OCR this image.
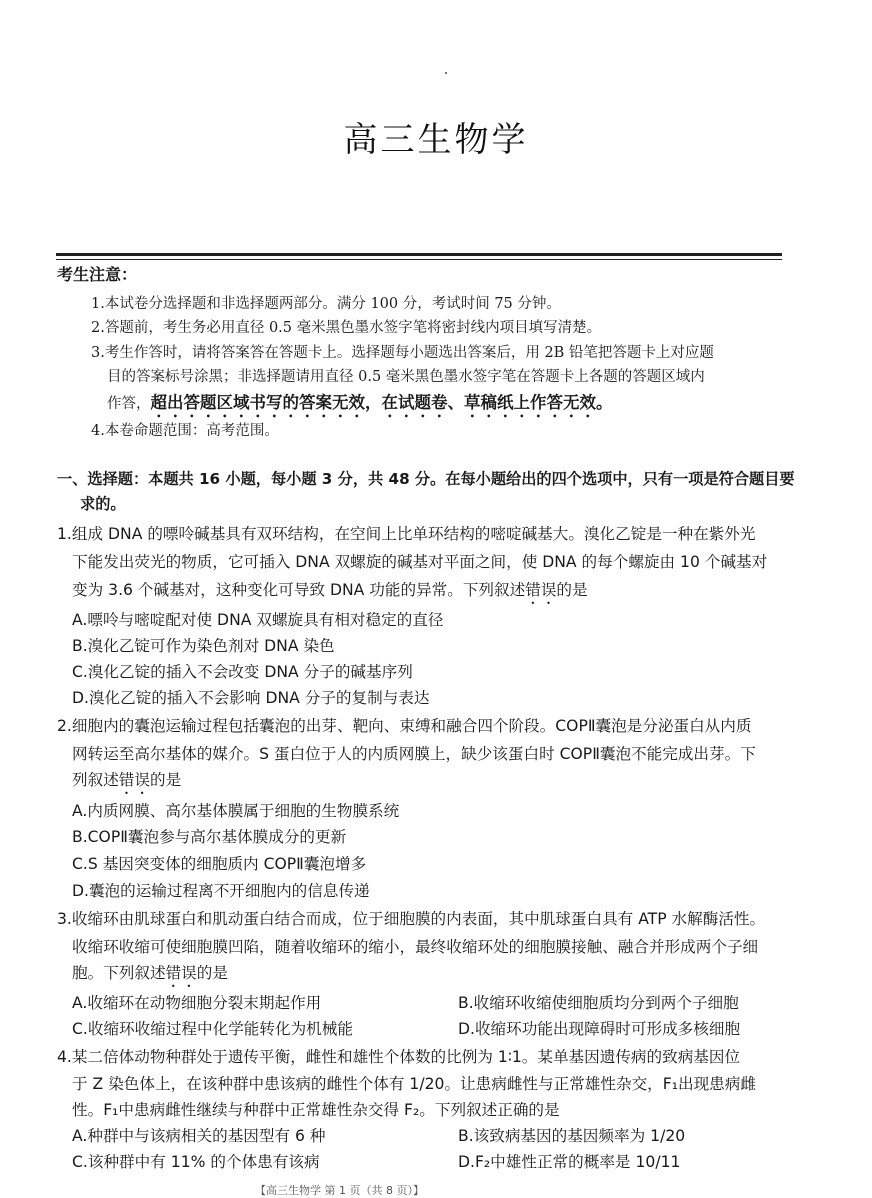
高三生物学
考生注意：
1.本试卷分选择题和非选择题两部分。满分 100 分，考试时间 75 分钟。
2.答题前，考生务必用直径 0.5 毫米黑色墨水签字笔将密封线内项目填写清楚。
3.考生作答时，请将答案答在答题卡上。选择题每小题选出答案后，用 2B 铅笔把答题卡上对应题
目的答案标号涂黑；非选择题请用直径 0.5 毫米黑色墨水签字笔在答题卡上各题的答题区域内
作答，超出答题区域书写的答案无效，在试题卷、草稿纸上作答无效。
4.本卷命题范围：高考范围。
一、选择题：本题共 16 小题，每小题 3 分，共 48 分。在每小题给出的四个选项中，只有一项是符合题目要
求的。
1.组成 DNA 的嘌呤碱基具有双环结构，在空间上比单环结构的嘧啶碱基大。溴化乙锭是一种在紫外光
下能发出荧光的物质，它可插入 DNA 双螺旋的碱基对平面之间，使 DNA 的每个螺旋由 10 个碱基对
变为 3.6 个碱基对，这种变化可导致 DNA 功能的异常。下列叙述错误的是
A.嘌呤与嘧啶配对使 DNA 双螺旋具有相对稳定的直径
B.溴化乙锭可作为染色剂对 DNA 染色
C.溴化乙锭的插入不会改变 DNA 分子的碱基序列
D.溴化乙锭的插入不会影响 DNA 分子的复制与表达
2.细胞内的囊泡运输过程包括囊泡的出芽、靶向、束缚和融合四个阶段。COPⅡ囊泡是分泌蛋白从内质
网转运至高尔基体的媒介。S 蛋白位于人的内质网膜上，缺少该蛋白时 COPⅡ囊泡不能完成出芽。下
列叙述错误的是
A.内质网膜、高尔基体膜属于细胞的生物膜系统
B.COPⅡ囊泡参与高尔基体膜成分的更新
C.S 基因突变体的细胞质内 COPⅡ囊泡增多
D.囊泡的运输过程离不开细胞内的信息传递
3.收缩环由肌球蛋白和肌动蛋白结合而成，位于细胞膜的内表面，其中肌球蛋白具有 ATP 水解酶活性。
收缩环收缩可使细胞膜凹陷，随着收缩环的缩小，最终收缩环处的细胞膜接触、融合并形成两个子细
胞。下列叙述错误的是
A.收缩环在动物细胞分裂末期起作用	B.收缩环收缩使细胞质均分到两个子细胞
C.收缩环收缩过程中化学能转化为机械能	D.收缩环功能出现障碍时可形成多核细胞
4.某二倍体动物种群处于遗传平衡，雌性和雄性个体数的比例为 1∶1。某单基因遗传病的致病基因位
于 Z 染色体上，在该种群中患该病的雌性个体有 1/20。让患病雌性与正常雄性杂交，F₁出现患病雌
性。F₁中患病雌性继续与种群中正常雄性杂交得 F₂。下列叙述正确的是
A.种群中与该病相关的基因型有 6 种	B.该致病基因的基因频率为 1/20
C.该种群中有 11% 的个体患有该病	D.F₂中雄性正常的概率是 10/11
【高三生物学 第 1 页（共 8 页）】
